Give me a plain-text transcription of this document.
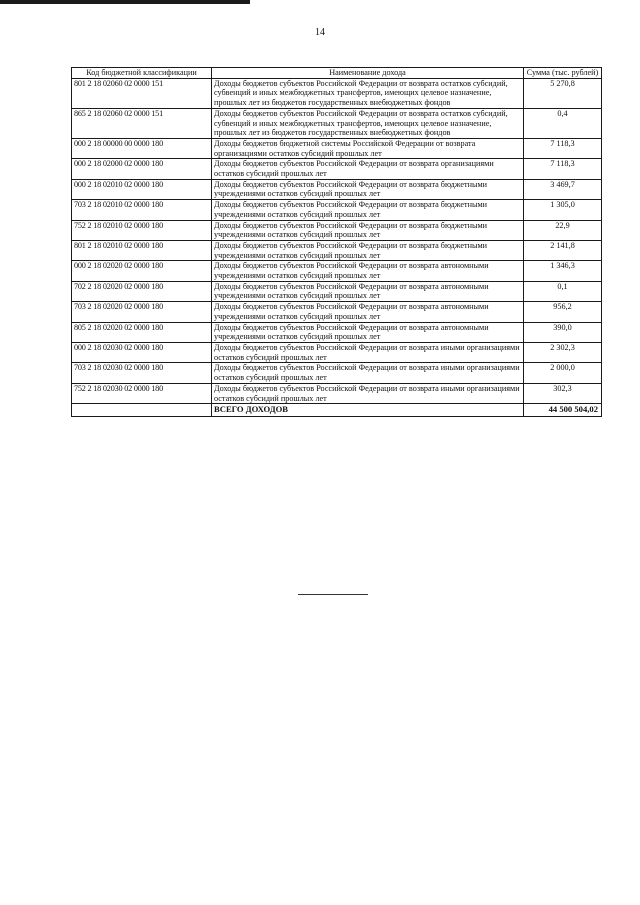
14
Код бюджетной классификации	Наименование дохода	Сумма (тыс. рублей)
801 2 18 02060 02 0000 151	Доходы бюджетов субъектов Российской Федерации от возврата остатков субсидий, субвенций и иных межбюджетных трансфертов, имеющих целевое назначение, прошлых лет из бюджетов государственных внебюджетных фондов	5 270,8
865 2 18 02060 02 0000 151	Доходы бюджетов субъектов Российской Федерации от возврата остатков субсидий, субвенций и иных межбюджетных трансфертов, имеющих целевое назначение, прошлых лет из бюджетов государственных внебюджетных фондов	0,4
000 2 18 00000 00 0000 180	Доходы бюджетов бюджетной системы Российской Федерации от возврата организациями остатков субсидий прошлых лет	7 118,3
000 2 18 02000 02 0000 180	Доходы бюджетов субъектов Российской Федерации от возврата организациями остатков субсидий прошлых лет	7 118,3
000 2 18 02010 02 0000 180	Доходы бюджетов субъектов Российской Федерации от возврата бюджетными учреждениями остатков субсидий прошлых лет	3 469,7
703 2 18 02010 02 0000 180	Доходы бюджетов субъектов Российской Федерации от возврата бюджетными учреждениями остатков субсидий прошлых лет	1 305,0
752 2 18 02010 02 0000 180	Доходы бюджетов субъектов Российской Федерации от возврата бюджетными учреждениями остатков субсидий прошлых лет	22,9
801 2 18 02010 02 0000 180	Доходы бюджетов субъектов Российской Федерации от возврата бюджетными учреждениями остатков субсидий прошлых лет	2 141,8
000 2 18 02020 02 0000 180	Доходы бюджетов субъектов Российской Федерации от возврата автономными учреждениями остатков субсидий прошлых лет	1 346,3
702 2 18 02020 02 0000 180	Доходы бюджетов субъектов Российской Федерации от возврата автономными учреждениями остатков субсидий прошлых лет	0,1
703 2 18 02020 02 0000 180	Доходы бюджетов субъектов Российской Федерации от возврата автономными учреждениями остатков субсидий прошлых лет	956,2
805 2 18 02020 02 0000 180	Доходы бюджетов субъектов Российской Федерации от возврата автономными учреждениями остатков субсидий прошлых лет	390,0
000 2 18 02030 02 0000 180	Доходы бюджетов субъектов Российской Федерации от возврата иными организациями остатков субсидий прошлых лет	2 302,3
703 2 18 02030 02 0000 180	Доходы бюджетов субъектов Российской Федерации от возврата иными организациями остатков субсидий прошлых лет	2 000,0
752 2 18 02030 02 0000 180	Доходы бюджетов субъектов Российской Федерации от возврата иными организациями остатков субсидий прошлых лет	302,3
	ВСЕГО ДОХОДОВ	44 500 504,02
